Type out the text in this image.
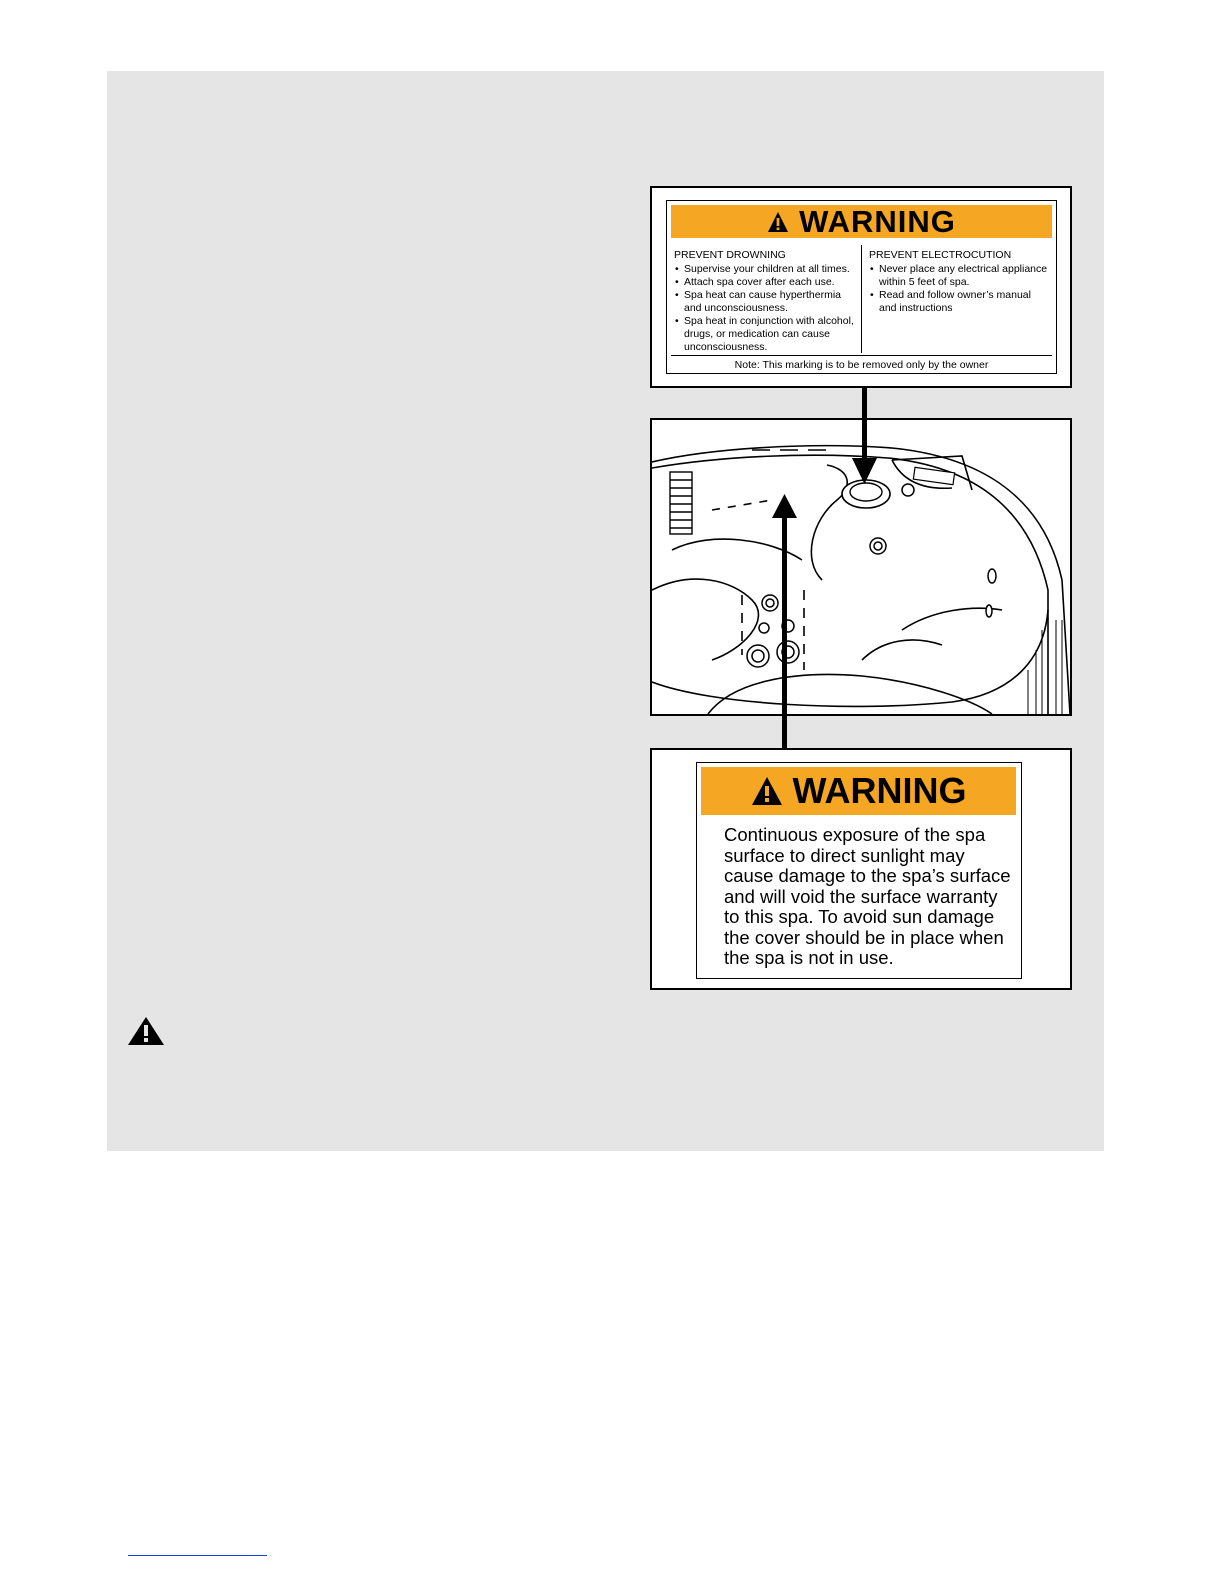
WARNING
PREVENT DROWNING
• Supervise your children at all times.
• Attach spa cover after each use.
• Spa heat can cause hyperthermia and unconsciousness.
• Spa heat in conjunction with alcohol, drugs, or medication can cause unconsciousness.
PREVENT ELECTROCUTION
• Never place any electrical appliance within 5 feet of spa.
• Read and follow owner’s manual and instructions
Note: This marking is to be removed only by the owner
WARNING
Continuous exposure of the spa surface to direct sunlight may cause damage to the spa’s surface and will void the surface warranty to this spa. To avoid sun damage the cover should be in place when the spa is not in use.
